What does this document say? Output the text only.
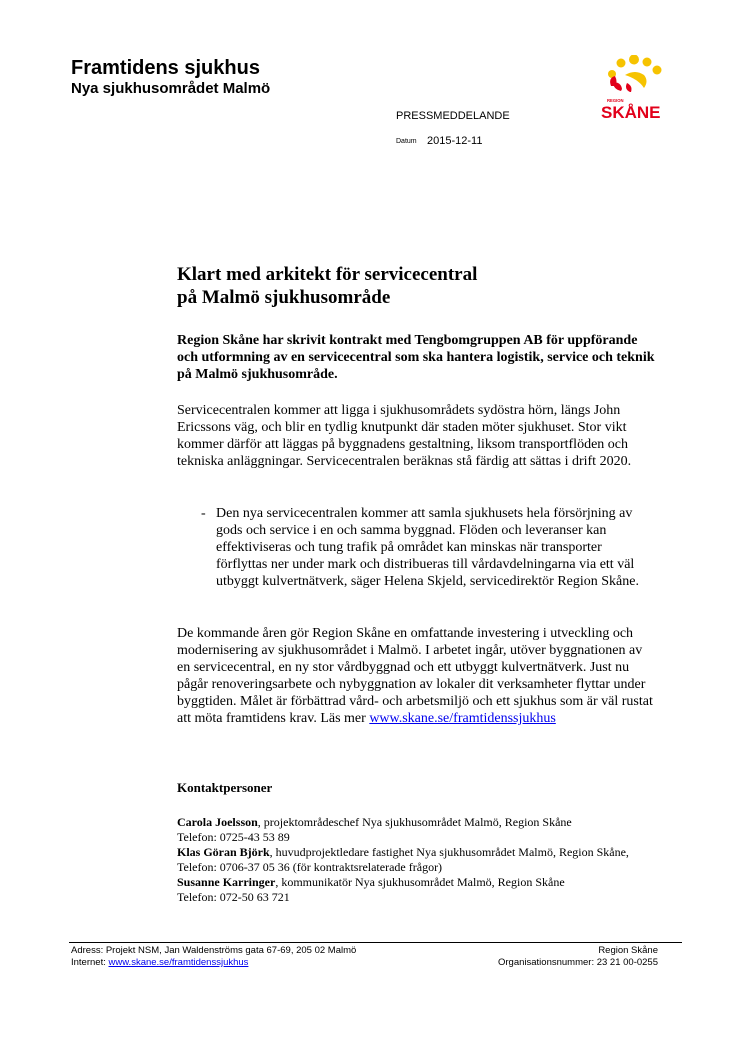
Framtidens sjukhus
Nya sjukhusområdet Malmö
PRESSMEDDELANDE
Datum 2015-12-11
REGION
SKÅNE
Klart med arkitekt för servicecentral
på Malmö sjukhusområde

Region Skåne har skrivit kontrakt med Tengbomgruppen AB för uppförande och utformning av en servicecentral som ska hantera logistik, service och teknik på Malmö sjukhusområde.

Servicecentralen kommer att ligga i sjukhusområdets sydöstra hörn, längs John Ericssons väg, och blir en tydlig knutpunkt där staden möter sjukhuset. Stor vikt kommer därför att läggas på byggnadens gestaltning, liksom transportflöden och tekniska anläggningar. Servicecentralen beräknas stå färdig att sättas i drift 2020.

- Den nya servicecentralen kommer att samla sjukhusets hela försörjning av gods och service i en och samma byggnad. Flöden och leveranser kan effektiviseras och tung trafik på området kan minskas när transporter förflyttas ner under mark och distribueras till vårdavdelningarna via ett väl utbyggt kulvertnätverk, säger Helena Skjeld, servicedirektör Region Skåne.

De kommande åren gör Region Skåne en omfattande investering i utveckling och modernisering av sjukhusområdet i Malmö. I arbetet ingår, utöver byggnationen av en servicecentral, en ny stor vårdbyggnad och ett utbyggt kulvertnätverk. Just nu pågår renoveringsarbete och nybyggnation av lokaler dit verksamheter flyttar under byggtiden. Målet är förbättrad vård- och arbetsmiljö och ett sjukhus som är väl rustat att möta framtidens krav. Läs mer www.skane.se/framtidenssjukhus

Kontaktpersoner

Carola Joelsson, projektområdeschef Nya sjukhusområdet Malmö, Region Skåne
Telefon: 0725-43 53 89
Klas Göran Björk, huvudprojektledare fastighet Nya sjukhusområdet Malmö, Region Skåne, Telefon: 0706-37 05 36 (för kontraktsrelaterade frågor)
Susanne Karringer, kommunikatör Nya sjukhusområdet Malmö, Region Skåne
Telefon: 072-50 63 721

Adress: Projekt NSM, Jan Waldenströms gata 67-69, 205 02 Malmö
Internet: www.skane.se/framtidenssjukhus
Region Skåne
Organisationsnummer: 23 21 00-0255
